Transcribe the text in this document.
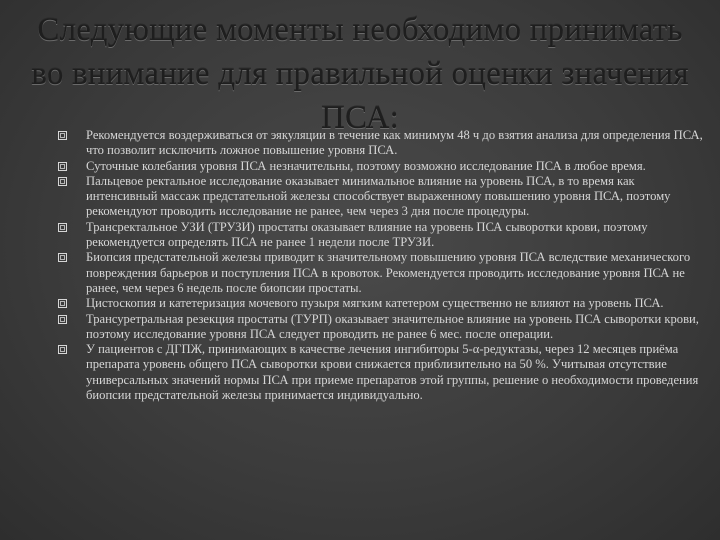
Следующие моменты необходимо принимать во внимание для правильной оценки значения ПСА:
Рекомендуется воздерживаться от эякуляции в течение как минимум 48 ч до взятия анализа для определения ПСА, что позволит исключить ложное повышение уровня ПСА.
Суточные колебания уровня ПСА незначительны, поэтому возможно исследование ПСА в любое время.
Пальцевое ректальное исследование оказывает минимальное влияние на уровень ПСА, в то время как интенсивный массаж предстательной железы способствует выраженному повышению уровня ПСА, поэтому рекомендуют проводить исследование не ранее, чем через 3 дня после процедуры.
Трансректальное УЗИ (ТРУЗИ) простаты оказывает влияние на уровень ПСА сыворотки крови, поэтому рекомендуется определять ПСА не ранее 1 недели после ТРУЗИ.
Биопсия предстательной железы приводит к значительному повышению уровня ПСА вследствие механического повреждения барьеров и поступления ПСА в кровоток. Рекомендуется проводить исследование уровня ПСА не ранее, чем через 6 недель после биопсии простаты.
Цистоскопия и катетеризация мочевого пузыря мягким катетером существенно не влияют на уровень ПСА.
Трансуретральная резекция простаты (ТУРП) оказывает значительное влияние на уровень ПСА сыворотки крови, поэтому исследование уровня ПСА следует проводить не ранее 6 мес. после операции.
У пациентов с ДГПЖ, принимающих в качестве лечения ингибиторы 5-α-редуктазы, через 12 месяцев приёма препарата уровень общего ПСА сыворотки крови снижается приблизительно на 50 %. Учитывая отсутствие универсальных значений нормы ПСА при приеме препаратов этой группы, решение о необходимости проведения биопсии предстательной железы принимается индивидуально.
